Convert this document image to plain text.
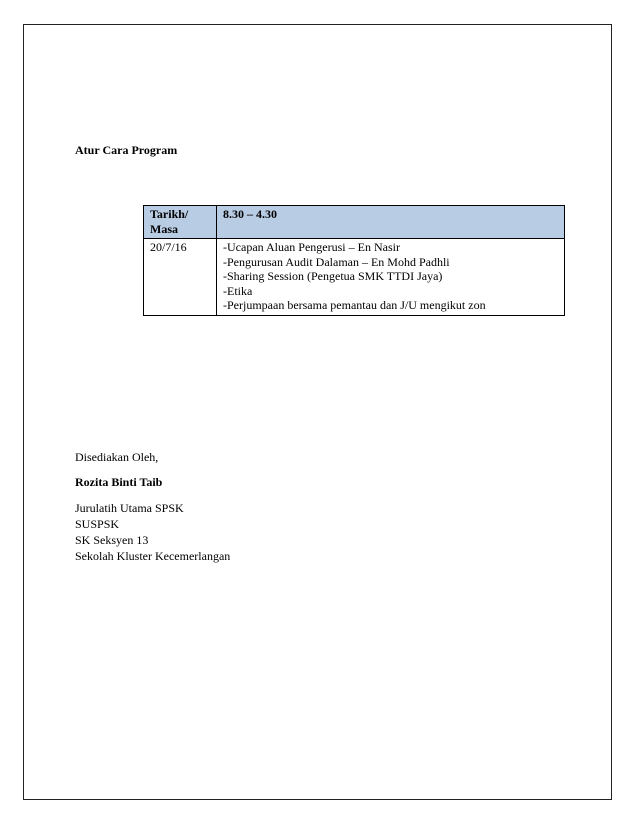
Atur Cara Program
Tarikh/ Masa	8.30 – 4.30
20/7/16	-Ucapan Aluan Pengerusi – En Nasir
-Pengurusan Audit Dalaman – En Mohd Padhli
-Sharing Session (Pengetua SMK TTDI Jaya)
-Etika
-Perjumpaan bersama pemantau dan J/U mengikut zon
Disediakan Oleh,
Rozita Binti Taib
Jurulatih Utama SPSK
SUSPSK
SK Seksyen 13
Sekolah Kluster Kecemerlangan
